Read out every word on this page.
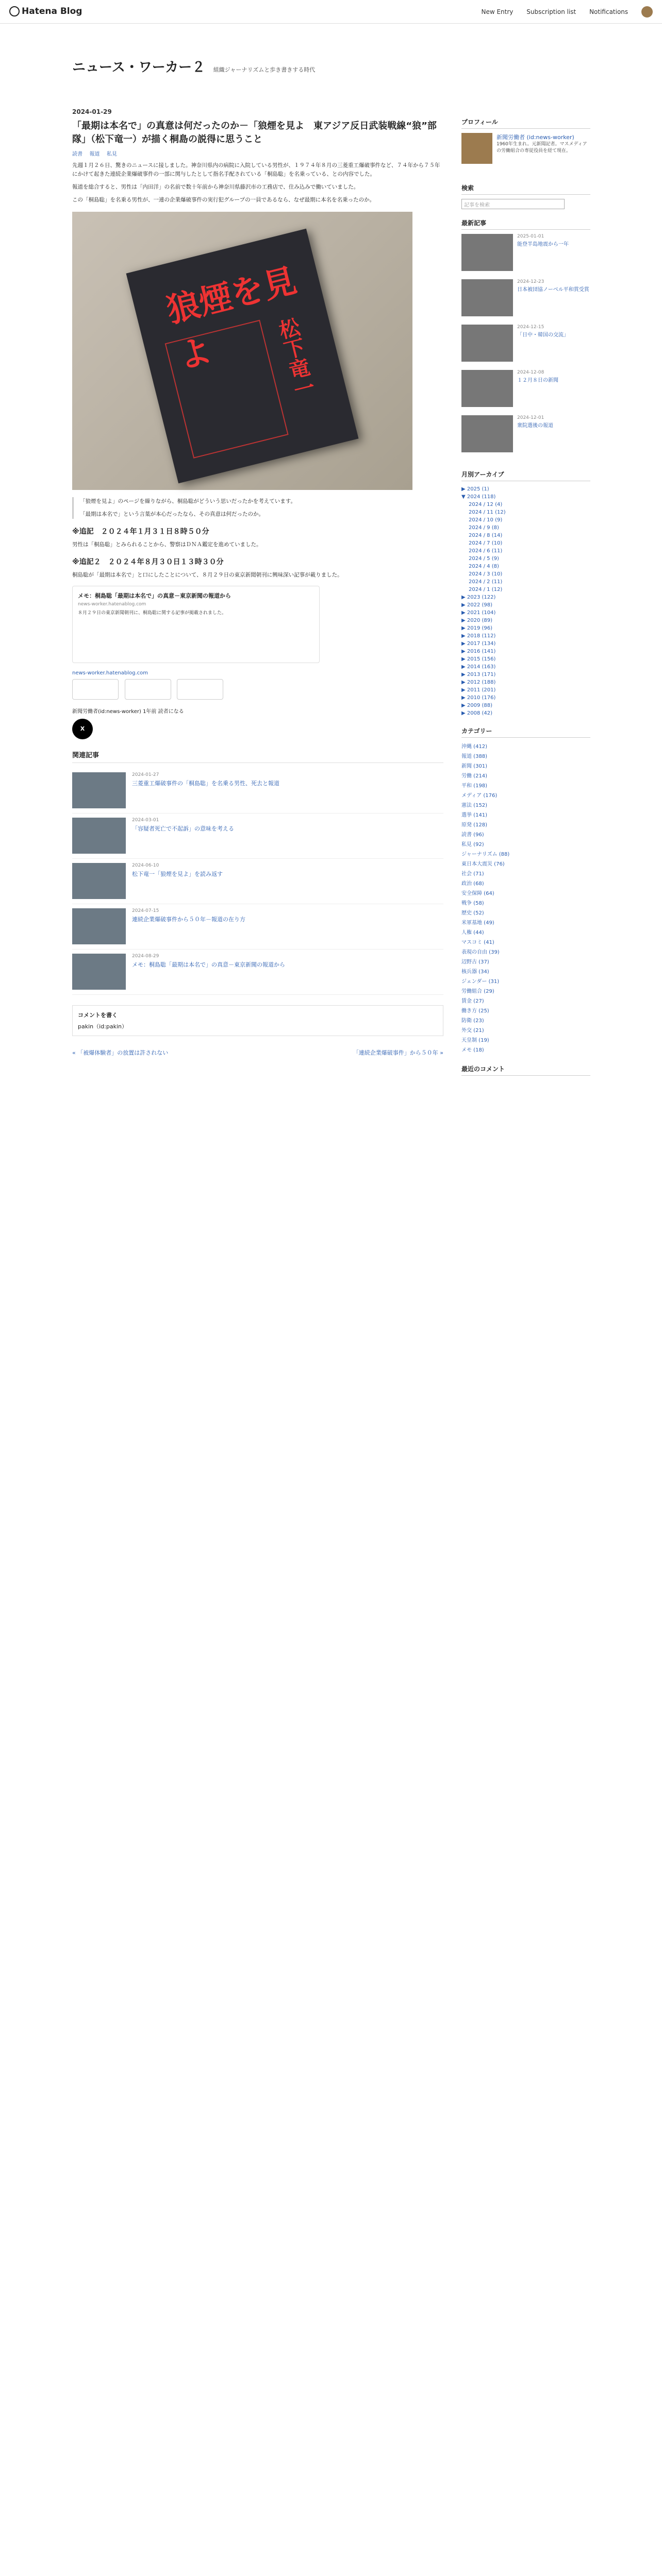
Hatena Blog	New Entry Subscription list Notifications
ニュース・ワーカー２ 組織ジャーナリズムと歩き書きする時代
2024-01-29
「最期は本名で」の真意は何だったのか－「狼煙を見よ　東アジア反日武装戦線“狼”部隊」（松下竜一）が描く桐島の説得に思うこと
読書 報道 私見

先週１月２６日、驚きのニュースに接しました。神奈川県内の病院に入院している男性が、１９７４年８月の三菱重工爆破事件など、７４年から７５年にかけて起きた連続企業爆破事件の一部に関与したとして指名手配されている「桐島聡」を名乗っている、との内容でした。

報道を総合すると、男性は「内田洋」の名前で数十年前から神奈川県藤沢市の工務店で、住み込みで働いていました。

この「桐島聡」を名乗る男性が、一連の企業爆破事件の実行犯グループの一員であるなら、なぜ最期に本名を名乗ったのか。

狼煙を見よ	松下竜一

「狼煙を見よ」のページを繰りながら、桐島聡がどういう思いだったかを考えています。

「最期は本名で」という言葉が本心だったなら、その真意は何だったのか。

※追記　２０２４年１月３１日８時５０分

男性は「桐島聡」とみられることから、警察はＤＮＡ鑑定を進めていました。

※追記２　２０２４年８月３０日１３時３０分

桐島聡が「最期は本名で」と口にしたことについて、８月２９日の東京新聞朝刊に興味深い記事が載りました。

メモ：桐島聡「最期は本名で」の真意－東京新聞の報道から
news-worker.hatenablog.com
８月２９日の東京新聞朝刊に、桐島聡に関する記事が掲載されました。
news-worker.hatenablog.com

新聞労働者(id:news-worker) 1年前 読者になる
X
関連記事
2024-01-27
三菱重工爆破事件の「桐島聡」を名乗る男性、死去と報道
2024-03-01
「容疑者死亡で不起訴」の意味を考える
2024-06-10
松下竜一「狼煙を見よ」を読み返す
2024-07-15
連続企業爆破事件から５０年－報道の在り方
2024-08-29
メモ：桐島聡「最期は本名で」の真意－東京新聞の報道から
コメントを書く
pakin（id:pakin）
« 「被爆体験者」の放置は許されない	「連続企業爆破事件」から５０年 »
プロフィール
新聞労働者 (id:news-worker)
1960年生まれ。元新聞記者。マスメディアの労働組合の専従役員を経て現在。
検索
記事を検索
最新記事
2025-01-01
能登半島地震から一年
2024-12-23
日本被団協ノーベル平和賞受賞
2024-12-15
「日中・韓国の交流」
2024-12-08
１２月８日の新聞
2024-12-01
衆院選後の報道
月別アーカイブ
▶ 2025 (1)
▼ 2024 (118)
2024 / 12 (4)
2024 / 11 (12)
2024 / 10 (9)
2024 / 9 (8)
2024 / 8 (14)
2024 / 7 (10)
2024 / 6 (11)
2024 / 5 (9)
2024 / 4 (8)
2024 / 3 (10)
2024 / 2 (11)
2024 / 1 (12)
▶ 2023 (122)
▶ 2022 (98)
▶ 2021 (104)
▶ 2020 (89)
▶ 2019 (96)
▶ 2018 (112)
▶ 2017 (134)
▶ 2016 (141)
▶ 2015 (156)
▶ 2014 (163)
▶ 2013 (171)
▶ 2012 (188)
▶ 2011 (201)
▶ 2010 (176)
▶ 2009 (88)
▶ 2008 (42)
カテゴリー
沖縄 (412)
報道 (388)
新聞 (301)
労働 (214)
平和 (198)
メディア (176)
憲法 (152)
選挙 (141)
原発 (128)
読書 (96)
私見 (92)
ジャーナリズム (88)
東日本大震災 (76)
社会 (71)
政治 (68)
安全保障 (64)
戦争 (58)
歴史 (52)
米軍基地 (49)
人権 (44)
マスコミ (41)
表現の自由 (39)
辺野古 (37)
核兵器 (34)
ジェンダー (31)
労働組合 (29)
賃金 (27)
働き方 (25)
防衛 (23)
外交 (21)
天皇制 (19)
メモ (18)
最近のコメント
